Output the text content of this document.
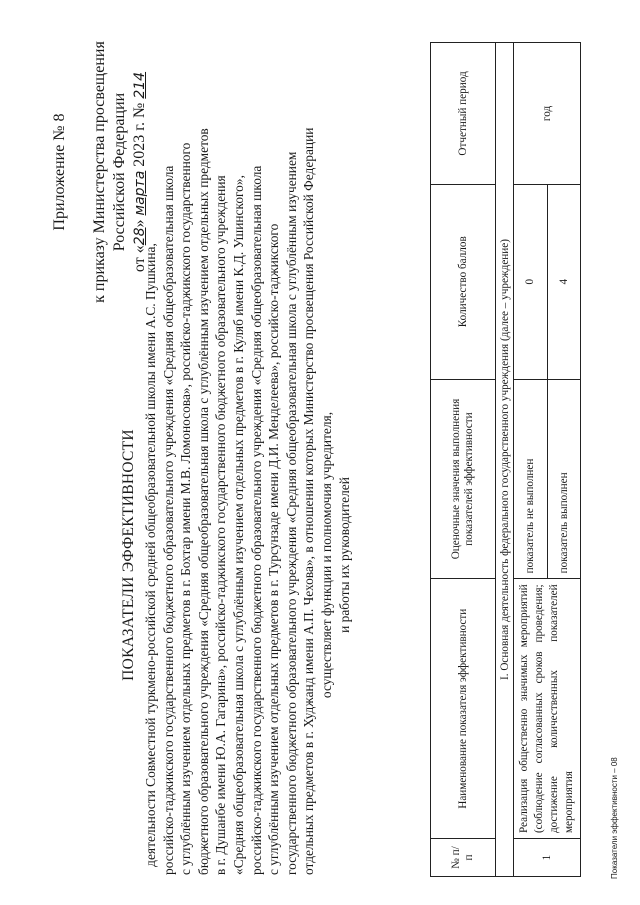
Приложение № 8 к приказу Министерства просвещения Российской Федерации
от «28» марта 2023 г. № 214
ПОКАЗАТЕЛИ ЭФФЕКТИВНОСТИ деятельности Совместной туркмено-российской средней общеобразовательной школы имени А.С. Пушкина, российско-таджикского государственного бюджетного образовательного учреждения «Средняя общеобразовательная школа с углублённым изучением отдельных предметов в г. Бохтар имени М.В. Ломоносова», российско-таджикского государственного бюджетного образовательного учреждения «Средняя общеобразовательная школа с углублённым изучением отдельных предметов в г. Душанбе имени Ю.А. Гагарина», российско-таджикского государственного бюджетного образовательного учреждения «Средняя общеобразовательная школа с углублённым изучением отдельных предметов в г. Куляб имени К.Д. Ушинского», российско-таджикского государственного бюджетного образовательного учреждения «Средняя общеобразовательная школа с углублённым изучением отдельных предметов в г. Турсунзаде имени Д.И. Менделеева», российско-таджикского государственного бюджетного образовательного учреждения «Средняя общеобразовательная школа с углублённым изучением отдельных предметов в г. Худжанд имени А.П. Чехова», в отношении которых Министерство просвещения Российской Федерации осуществляет функции и полномочия учредителя, и работы их руководителей
№ п/п	Наименование показателя эффективности	Оценочные значения выполнения показателей эффективности	Количество баллов	Отчетный период
I. Основная деятельность федерального государственного учреждения (далее – учреждение)				
1	Реализация общественно значимых мероприятий (соблюдение согласованных сроков проведения; достижение количественных показателей мероприятия	показатель не выполнен	0	год
		показатель выполнен	4	
Показатели эффективности – 08
